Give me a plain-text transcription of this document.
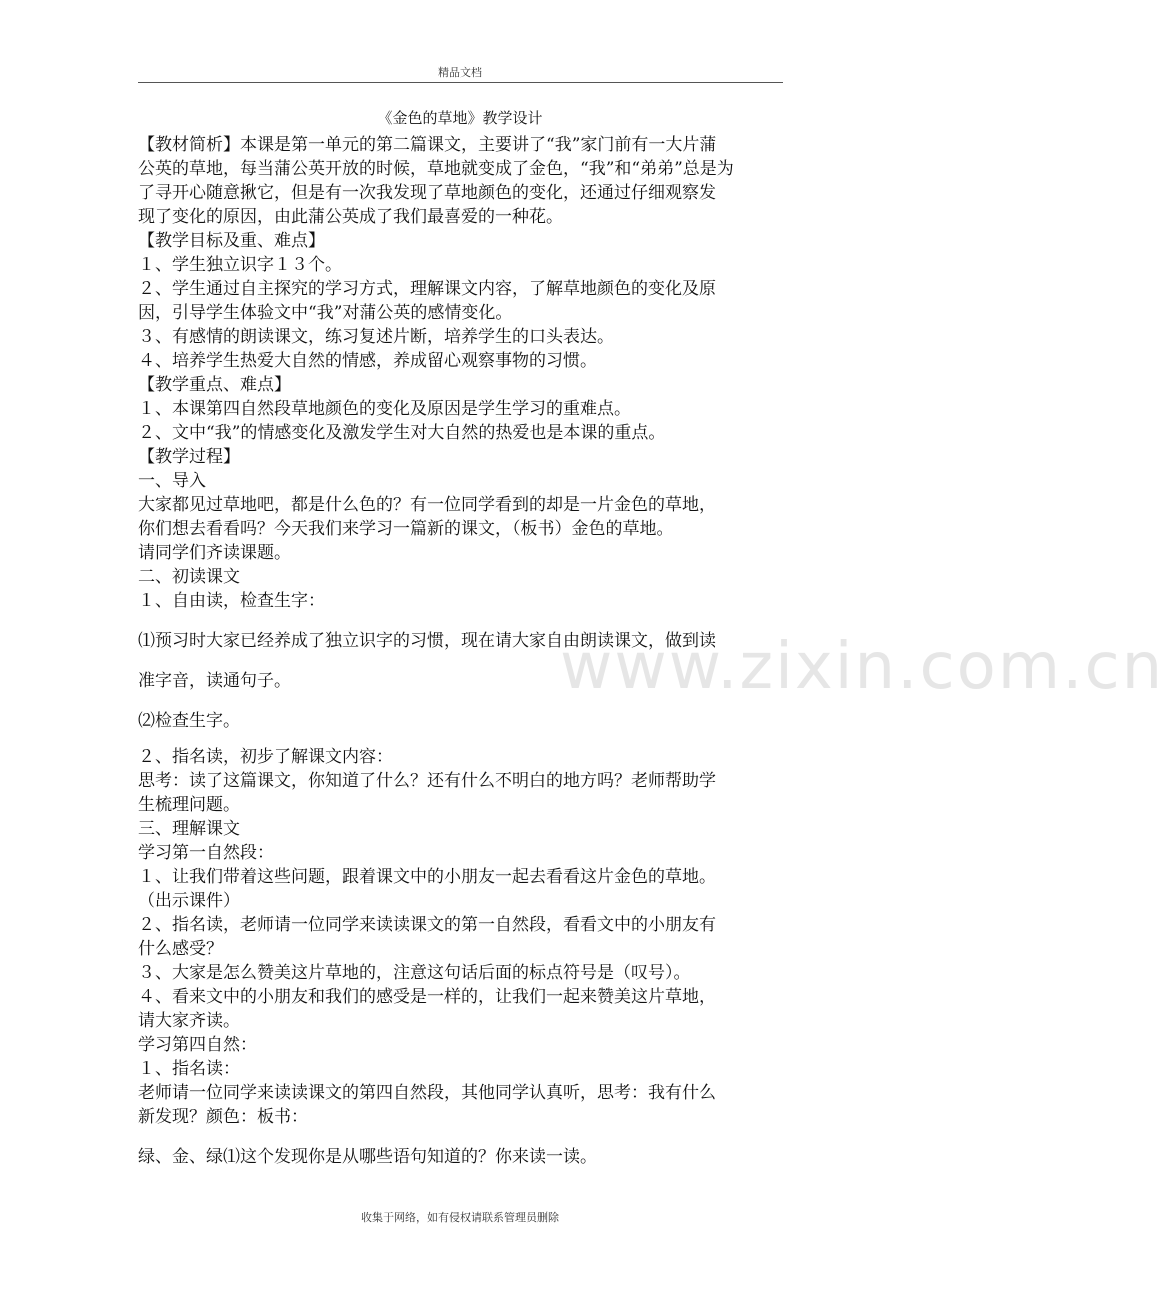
精品文档
www.zixin.com.cn
《金色的草地》教学设计
【教材简析】本课是第一单元的第二篇课文，主要讲了“我”家门前有一大片蒲
公英的草地，每当蒲公英开放的时候，草地就变成了金色，“我”和“弟弟”总是为
了寻开心随意揪它，但是有一次我发现了草地颜色的变化，还通过仔细观察发
现了变化的原因，由此蒲公英成了我们最喜爱的一种花。
【教学目标及重、难点】
１、学生独立识字１３个。
２、学生通过自主探究的学习方式，理解课文内容，了解草地颜色的变化及原
因，引导学生体验文中“我”对蒲公英的感情变化。
３、有感情的朗读课文，练习复述片断，培养学生的口头表达。
４、培养学生热爱大自然的情感，养成留心观察事物的习惯。
【教学重点、难点】
１、本课第四自然段草地颜色的变化及原因是学生学习的重难点。
２、文中“我”的情感变化及激发学生对大自然的热爱也是本课的重点。
【教学过程】
一、导入
大家都见过草地吧，都是什么色的？有一位同学看到的却是一片金色的草地，
你们想去看看吗？今天我们来学习一篇新的课文，（板书）金色的草地。
请同学们齐读课题。
二、初读课文
１、自由读，检查生字：
⑴预习时大家已经养成了独立识字的习惯，现在请大家自由朗读课文，做到读
准字音，读通句子。
⑵检查生字。
２、指名读，初步了解课文内容：
思考：读了这篇课文，你知道了什么？还有什么不明白的地方吗？老师帮助学
生梳理问题。
三、理解课文
学习第一自然段：
１、让我们带着这些问题，跟着课文中的小朋友一起去看看这片金色的草地。
（出示课件）
２、指名读，老师请一位同学来读读课文的第一自然段，看看文中的小朋友有
什么感受？
３、大家是怎么赞美这片草地的，注意这句话后面的标点符号是（叹号）。
４、看来文中的小朋友和我们的感受是一样的，让我们一起来赞美这片草地，
请大家齐读。
学习第四自然：
１、指名读：
老师请一位同学来读读课文的第四自然段，其他同学认真听，思考：我有什么
新发现？颜色：板书：
绿、金、绿⑴这个发现你是从哪些语句知道的？你来读一读。
收集于网络，如有侵权请联系管理员删除
